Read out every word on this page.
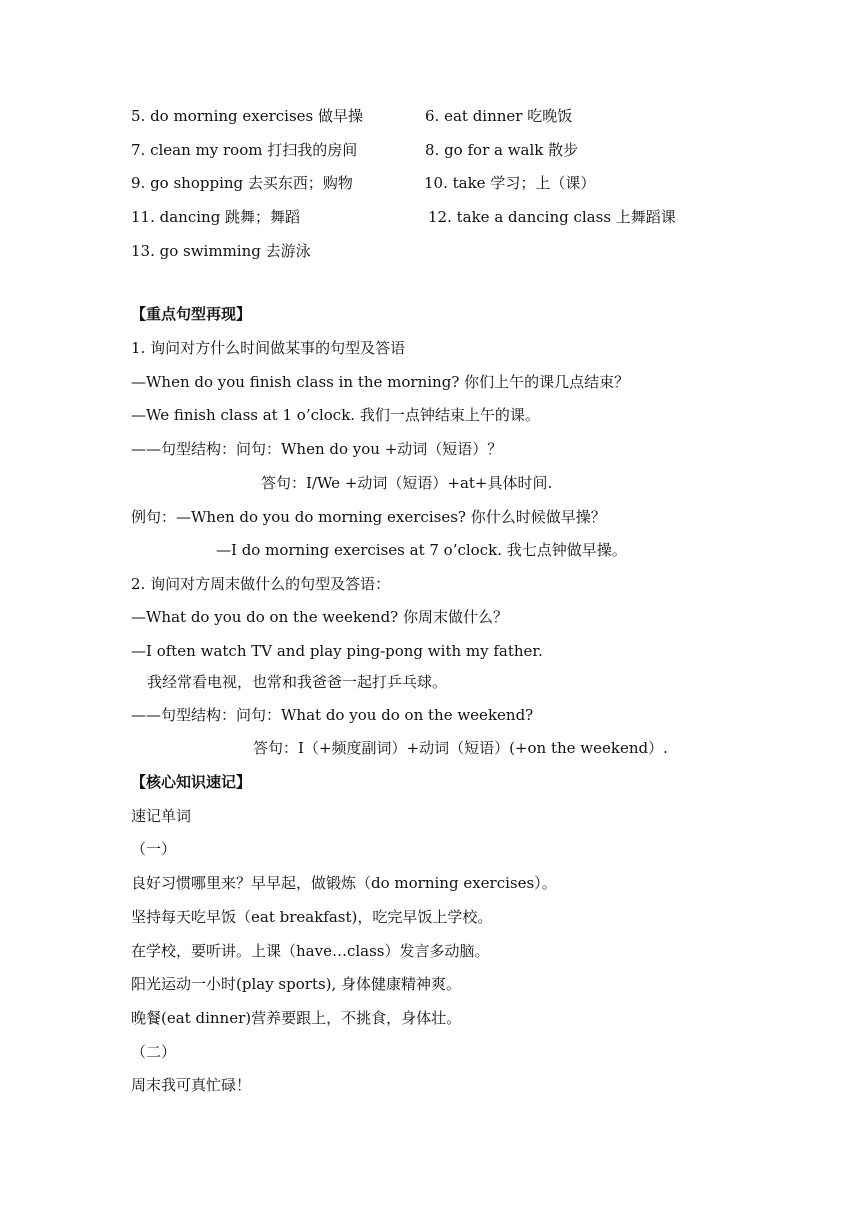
5. do morning exercises 做早操	6. eat dinner 吃晚饭
7. clean my room 打扫我的房间	8. go for a walk 散步
9. go shopping 去买东西；购物	10. take 学习；上（课）
11. dancing 跳舞；舞蹈	12. take a dancing class 上舞蹈课
13. go swimming 去游泳
【重点句型再现】
1. 询问对方什么时间做某事的句型及答语
—When do you finish class in the morning? 你们上午的课几点结束？
—We finish class at 1 o’clock. 我们一点钟结束上午的课。
——句型结构：问句：When do you +动词（短语）？
答句：I/We +动词（短语）+at+具体时间.
例句：—When do you do morning exercises? 你什么时候做早操？
—I do morning exercises at 7 o’clock. 我七点钟做早操。
2. 询问对方周末做什么的句型及答语：
—What do you do on the weekend? 你周末做什么？
—I often watch TV and play ping-pong with my father.
我经常看电视，也常和我爸爸一起打乒乓球。
——句型结构：问句：What do you do on the weekend?
答句：I（+频度副词）+动词（短语）(+on the weekend）.
【核心知识速记】
速记单词
（一）
良好习惯哪里来？早早起，做锻炼（do morning exercises）。
坚持每天吃早饭（eat breakfast)，吃完早饭上学校。
在学校，要听讲。上课（have…class）发言多动脑。
阳光运动一小时(play sports), 身体健康精神爽。
晚餐(eat dinner)营养要跟上，不挑食，身体壮。
（二）
周末我可真忙碌！
